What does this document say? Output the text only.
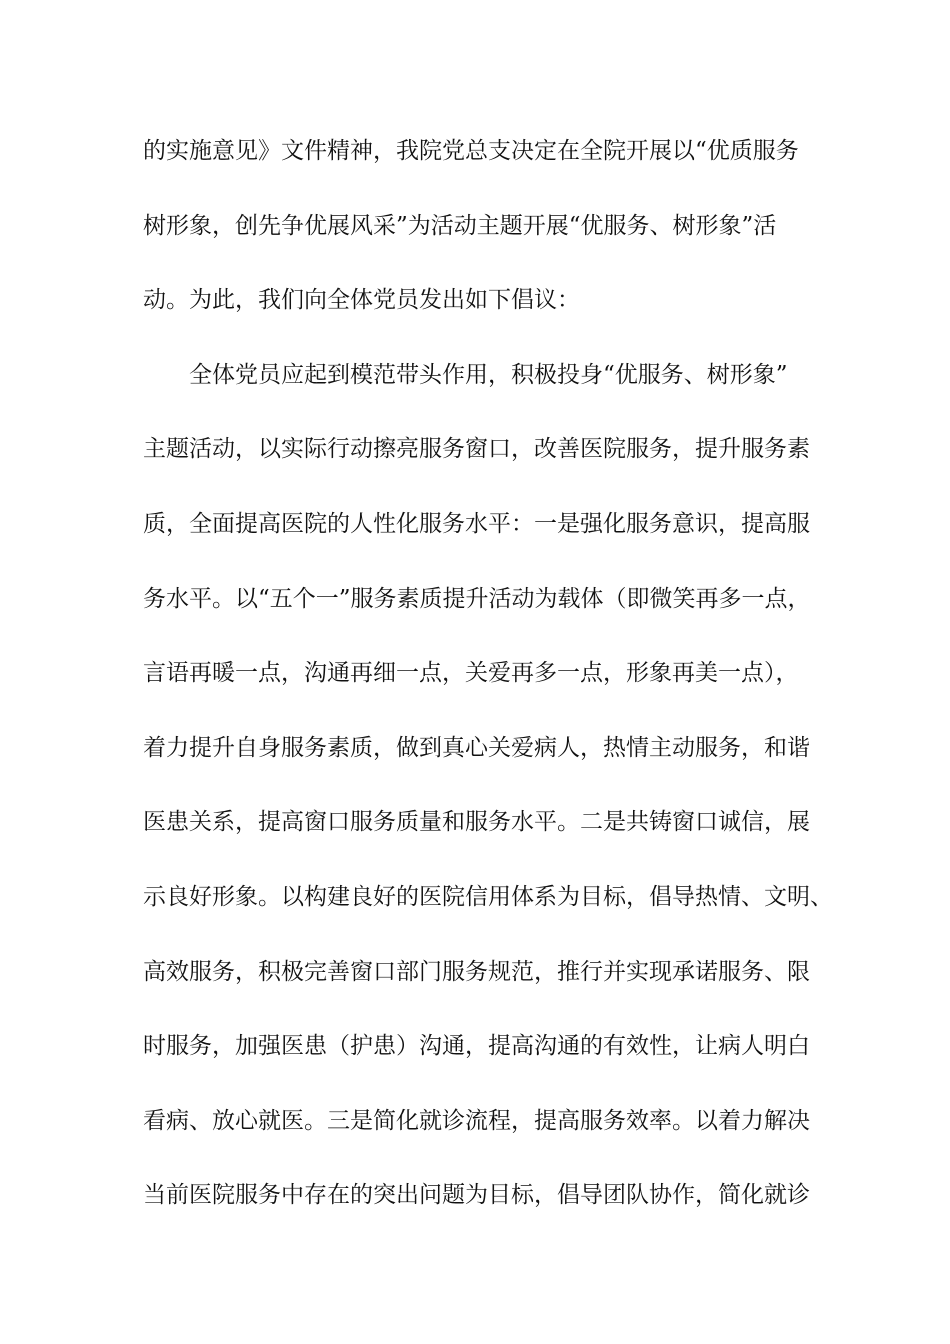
的实施意见》文件精神，我院党总支决定在全院开展以“优质服务
树形象，创先争优展风采”为活动主题开展“优服务、树形象”活
动。为此，我们向全体党员发出如下倡议：
全体党员应起到模范带头作用，积极投身“优服务、树形象”
主题活动，以实际行动擦亮服务窗口，改善医院服务，提升服务素
质，全面提高医院的人性化服务水平：一是强化服务意识，提高服
务水平。以“五个一”服务素质提升活动为载体（即微笑再多一点，
言语再暖一点，沟通再细一点，关爱再多一点，形象再美一点），
着力提升自身服务素质，做到真心关爱病人，热情主动服务，和谐
医患关系，提高窗口服务质量和服务水平。二是共铸窗口诚信，展
示良好形象。以构建良好的医院信用体系为目标，倡导热情、文明、
高效服务，积极完善窗口部门服务规范，推行并实现承诺服务、限
时服务，加强医患（护患）沟通，提高沟通的有效性，让病人明白
看病、放心就医。三是简化就诊流程，提高服务效率。以着力解决
当前医院服务中存在的突出问题为目标，倡导团队协作，简化就诊
